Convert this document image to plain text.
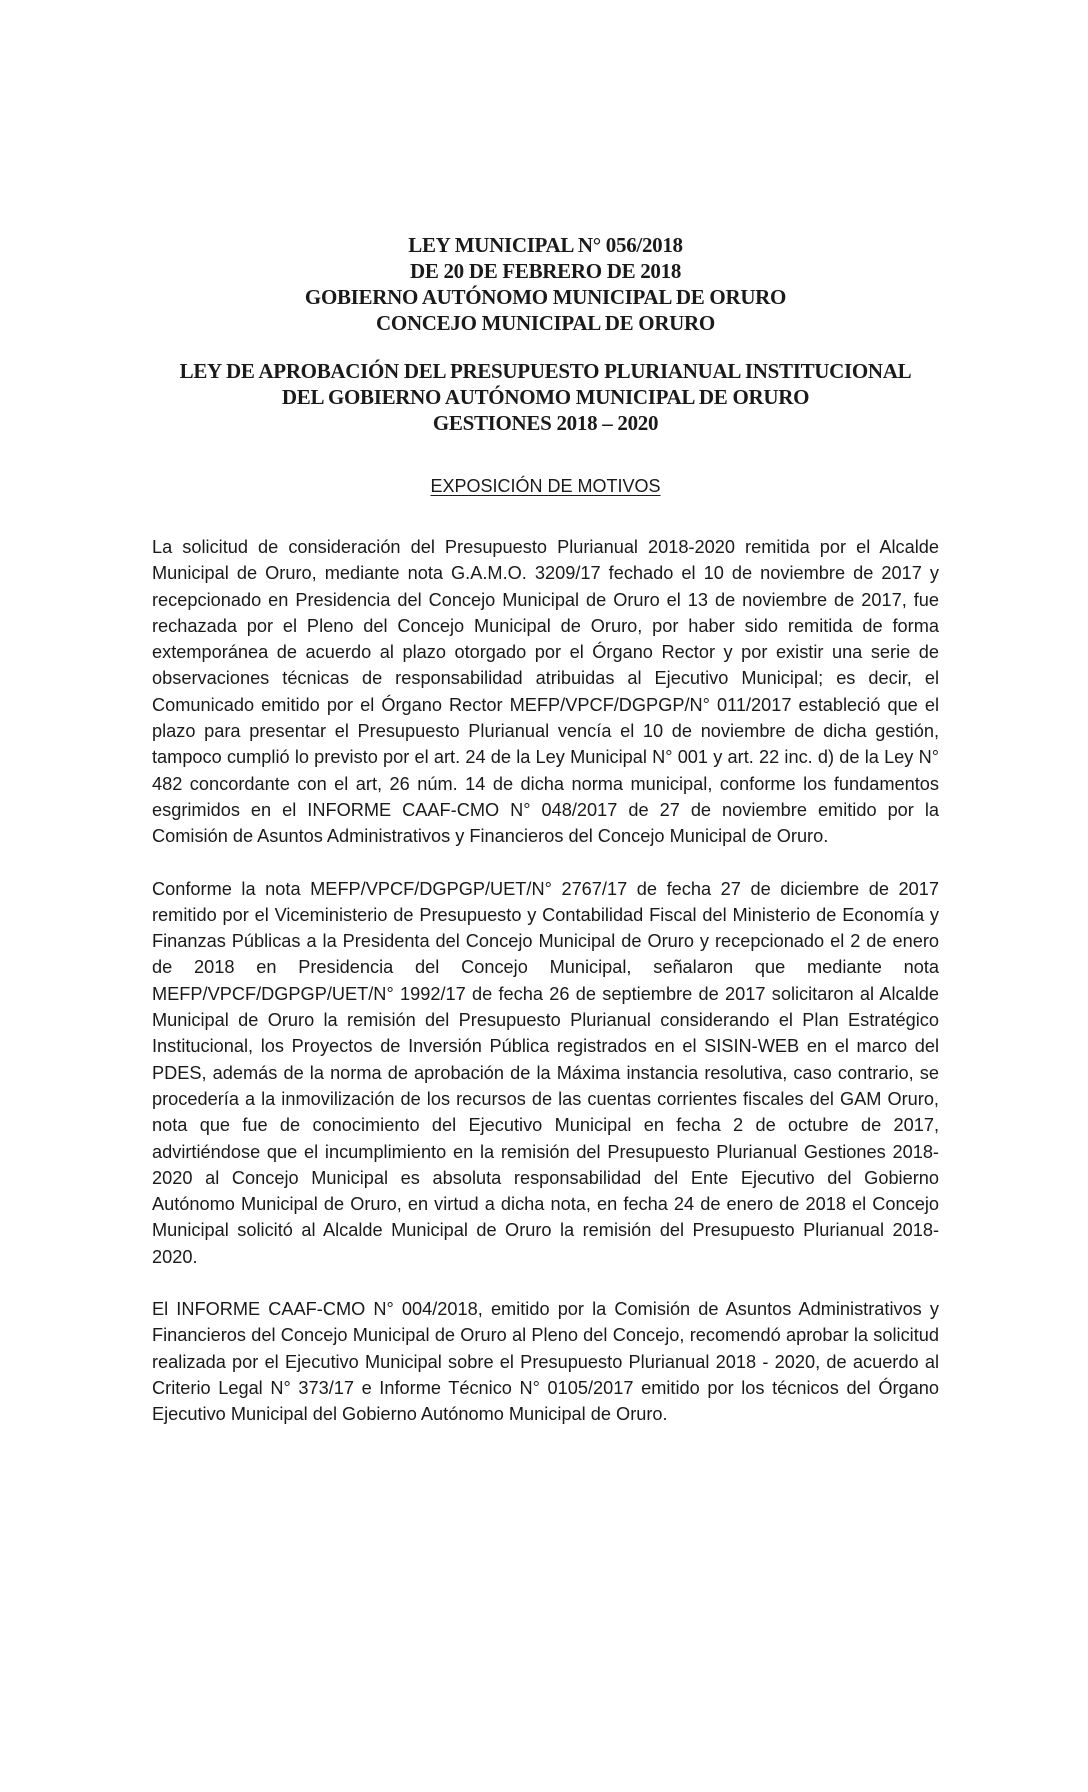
LEY MUNICIPAL N° 056/2018
DE 20 DE FEBRERO DE 2018
GOBIERNO AUTÓNOMO MUNICIPAL DE ORURO
CONCEJO MUNICIPAL DE ORURO
LEY DE APROBACIÓN DEL PRESUPUESTO PLURIANUAL INSTITUCIONAL
DEL GOBIERNO AUTÓNOMO MUNICIPAL DE ORURO
GESTIONES 2018 – 2020
EXPOSICIÓN DE MOTIVOS

La solicitud de consideración del Presupuesto Plurianual 2018-2020 remitida por el Alcalde Municipal de Oruro, mediante nota G.A.M.O. 3209/17 fechado el 10 de noviembre de 2017 y recepcionado en Presidencia del Concejo Municipal de Oruro el 13 de noviembre de 2017, fue rechazada por el Pleno del Concejo Municipal de Oruro, por haber sido remitida de forma extemporánea de acuerdo al plazo otorgado por el Órgano Rector y por existir una serie de observaciones técnicas de responsabilidad atribuidas al Ejecutivo Municipal; es decir, el Comunicado emitido por el Órgano Rector MEFP/VPCF/DGPGP/N° 011/2017 estableció que el plazo para presentar el Presupuesto Plurianual vencía el 10 de noviembre de dicha gestión, tampoco cumplió lo previsto por el art. 24 de la Ley Municipal N° 001 y art. 22 inc. d) de la Ley N° 482 concordante con el art, 26 núm. 14 de dicha norma municipal, conforme los fundamentos esgrimidos en el INFORME CAAF-CMO N° 048/2017 de 27 de noviembre emitido por la Comisión de Asuntos Administrativos y Financieros del Concejo Municipal de Oruro.

Conforme la nota MEFP/VPCF/DGPGP/UET/N° 2767/17 de fecha 27 de diciembre de 2017 remitido por el Viceministerio de Presupuesto y Contabilidad Fiscal del Ministerio de Economía y Finanzas Públicas a la Presidenta del Concejo Municipal de Oruro y recepcionado el 2 de enero de 2018 en Presidencia del Concejo Municipal, señalaron que mediante nota MEFP/VPCF/DGPGP/UET/N° 1992/17 de fecha 26 de septiembre de 2017 solicitaron al Alcalde Municipal de Oruro la remisión del Presupuesto Plurianual considerando el Plan Estratégico Institucional, los Proyectos de Inversión Pública registrados en el SISIN-WEB en el marco del PDES, además de la norma de aprobación de la Máxima instancia resolutiva, caso contrario, se procedería a la inmovilización de los recursos de las cuentas corrientes fiscales del GAM Oruro, nota que fue de conocimiento del Ejecutivo Municipal en fecha 2 de octubre de 2017, advirtiéndose que el incumplimiento en la remisión del Presupuesto Plurianual Gestiones 2018-2020 al Concejo Municipal es absoluta responsabilidad del Ente Ejecutivo del Gobierno Autónomo Municipal de Oruro, en virtud a dicha nota, en fecha 24 de enero de 2018 el Concejo Municipal solicitó al Alcalde Municipal de Oruro la remisión del Presupuesto Plurianual 2018-2020.

El INFORME CAAF-CMO N° 004/2018, emitido por la Comisión de Asuntos Administrativos y Financieros del Concejo Municipal de Oruro al Pleno del Concejo, recomendó aprobar la solicitud realizada por el Ejecutivo Municipal sobre el Presupuesto Plurianual 2018 - 2020, de acuerdo al Criterio Legal N° 373/17 e Informe Técnico N° 0105/2017 emitido por los técnicos del Órgano Ejecutivo Municipal del Gobierno Autónomo Municipal de Oruro.
